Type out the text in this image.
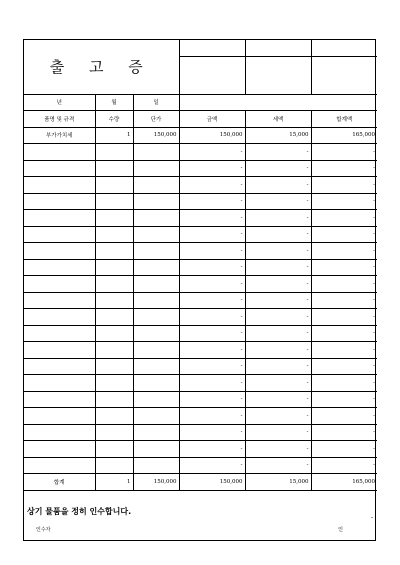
출 고 증					

년	월	일			
품명 및 규격	수량	단가	금액	세액	합계액
부가가치세	1	150,000	150,000	15,000	165,000
			-	-	-
			-	-	-
			-	-	-
			-	-	-
			-	-	-
			-	-	-
			-	-	-
			-	-	-
			-	-	-
			-	-	-
			-	-	-
			-	-	-
			-	-	-
			-	-	-
			-	-	-
			-	-	-
			-	-	-
			-	-	-
			-	-	-
			-	-	-
합계	1	150,000	150,000	15,000	165,000
상기 물품을 정히 인수합니다.
-
인수자	인
